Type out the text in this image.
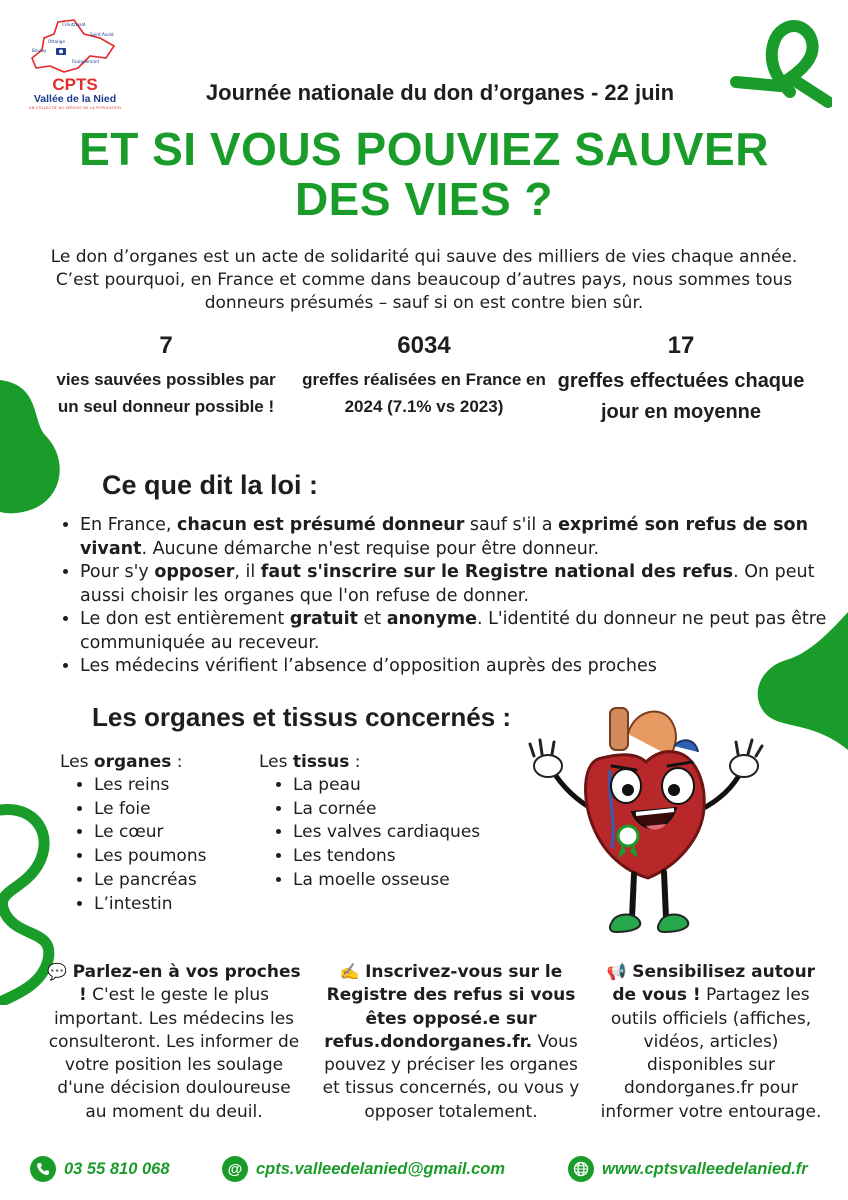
Créutzwald
Boulay
Saint Avold
Ottange
Faulquemont
CPTS
Vallée de la Nied
UN COLLECTIF AU SERVICE DE LA POPULATION
Journée nationale du don d’organes - 22 juin
ET SI VOUS POUVIEZ SAUVER DES VIES ?
Le don d’organes est un acte de solidarité qui sauve des milliers de vies chaque année. C’est pourquoi, en France et comme dans beaucoup d’autres pays, nous sommes tous donneurs présumés – sauf si on est contre bien sûr.
7
vies sauvées possibles par un seul donneur possible !
6034
greffes réalisées en France en 2024 (7.1% vs 2023)
17
greffes effectuées chaque jour en moyenne
Ce que dit la loi :
• En France, chacun est présumé donneur sauf s'il a exprimé son refus de son vivant. Aucune démarche n'est requise pour être donneur.
• Pour s'y opposer, il faut s'inscrire sur le Registre national des refus. On peut aussi choisir les organes que l'on refuse de donner.
• Le don est entièrement gratuit et anonyme. L'identité du donneur ne peut pas être communiquée au receveur.
• Les médecins vérifient l’absence d’opposition auprès des proches
Les organes et tissus concernés :
Les organes :
• Les reins
• Le foie
• Le cœur
• Les poumons
• Le pancréas
• L’intestin
Les tissus :
• La peau
• La cornée
• Les valves cardiaques
• Les tendons
• La moelle osseuse
💬 Parlez-en à vos proches ! C'est le geste le plus important. Les médecins les consulteront. Les informer de votre position les soulage d'une décision douloureuse au moment du deuil.
✍️ Inscrivez-vous sur le Registre des refus si vous êtes opposé.e sur refus.dondorganes.fr. Vous pouvez y préciser les organes et tissus concernés, ou vous y opposer totalement.
📢 Sensibilisez autour de vous ! Partagez les outils officiels (affiches, vidéos, articles) disponibles sur dondorganes.fr pour informer votre entourage.
03 55 810 068	@ cpts.valleedelanied@gmail.com	www.cptsvalleedelanied.fr
